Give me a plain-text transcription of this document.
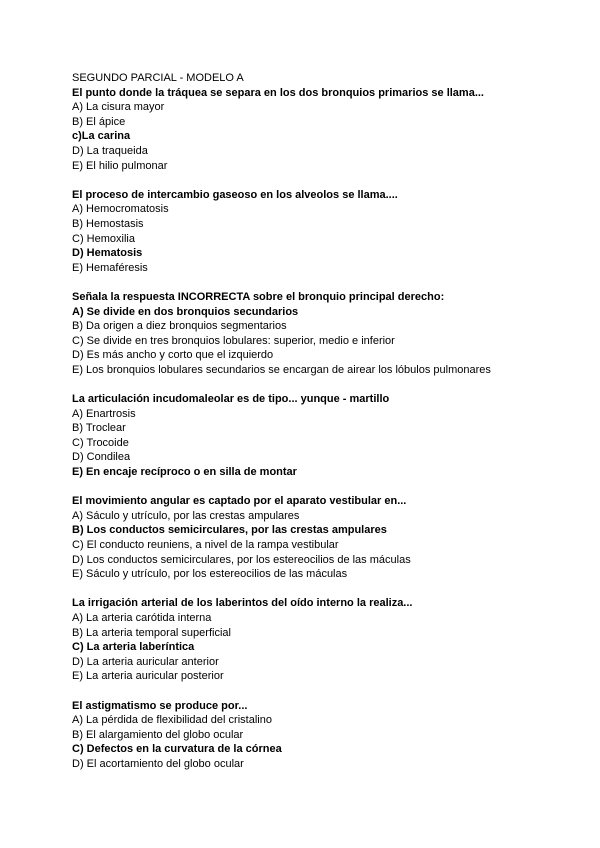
SEGUNDO PARCIAL - MODELO A
El punto donde la tráquea se separa en los dos bronquios primarios se llama...
A) La cisura mayor
B) El ápice
c)La carina
D) La traqueida
E) El hilio pulmonar
El proceso de intercambio gaseoso en los alveolos se llama....
A) Hemocromatosis
B) Hemostasis
C) Hemoxilia
D) Hematosis
E) Hemaféresis
Señala la respuesta INCORRECTA sobre el bronquio principal derecho:
A) Se divide en dos bronquios secundarios
B) Da origen a diez bronquios segmentarios
C) Se divide en tres bronquios lobulares: superior, medio e inferior
D) Es más ancho y corto que el izquierdo
E) Los bronquios lobulares secundarios se encargan de airear los lóbulos pulmonares
La articulación incudomaleolar es de tipo... yunque - martillo
A) Enartrosis
B) Troclear
C) Trocoide
D) Condilea
E) En encaje recíproco o en silla de montar
El movimiento angular es captado por el aparato vestibular en...
A) Sáculo y utrículo, por las crestas ampulares
B) Los conductos semicirculares, por las crestas ampulares
C) El conducto reuniens, a nivel de la rampa vestibular
D) Los conductos semicirculares, por los estereocilios de las máculas
E) Sáculo y utrículo, por los estereocilios de las máculas
La irrigación arterial de los laberintos del oído interno la realiza...
A) La arteria carótida interna
B) La arteria temporal superficial
C) La arteria laberíntica
D) La arteria auricular anterior
E) La arteria auricular posterior
El astigmatismo se produce por...
A) La pérdida de flexibilidad del cristalino
B) El alargamiento del globo ocular
C) Defectos en la curvatura de la córnea
D) El acortamiento del globo ocular
